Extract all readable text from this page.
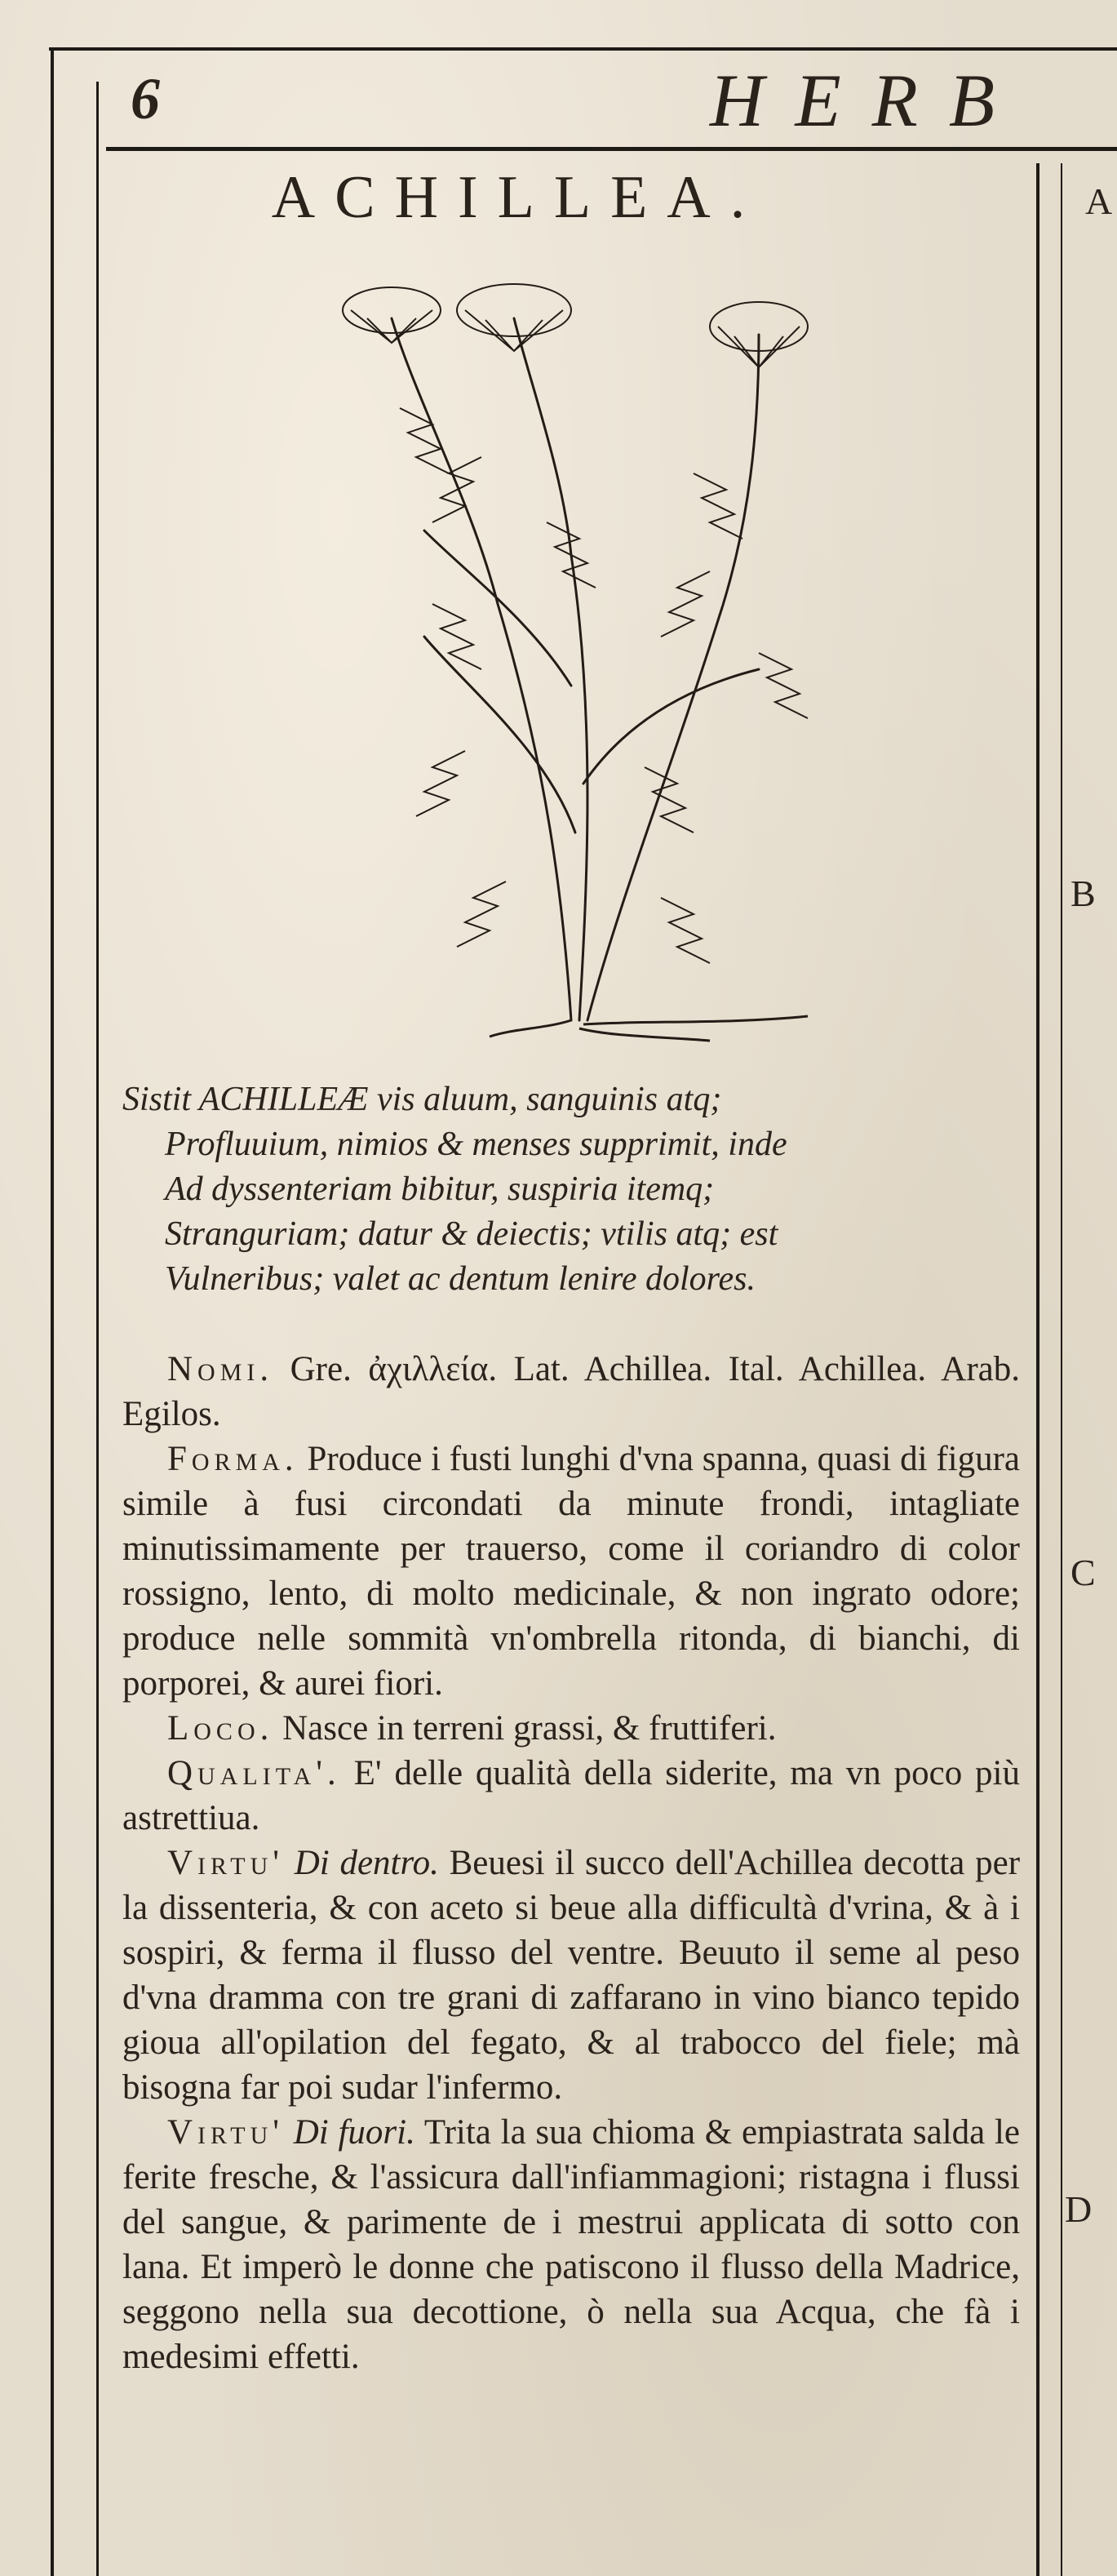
6	HERB
ACHILLEA.	A
B
C
D
Sistit ACHILLEÆ vis aluum, sanguinis atq;
Profluuium, nimios & menses supprimit, inde
Ad dyssenteriam bibitur, suspiria itemq;
Stranguriam; datur & deiectis; vtilis atq; est
Vulneribus; valet ac dentum lenire dolores.

Nomi. Gre. ἀχιλλεία. Lat. Achillea. Ital. Achillea. Arab. Egilos.

Forma. Produce i fusti lunghi d'vna spanna, quasi di figura simile à fusi circondati da minute frondi, intagliate minutissimamente per trauerso, come il coriandro di color rossigno, lento, di molto medicinale, & non ingrato odore; produce nelle sommità vn'ombrella ritonda, di bianchi, di porporei, & aurei fiori.

Loco. Nasce in terreni grassi, & fruttiferi.

Qualita'. E' delle qualità della siderite, ma vn poco più astrettiua.

Virtu' Di dentro. Beuesi il succo dell'Achillea decotta per la dissenteria, & con aceto si beue alla difficultà d'vrina, & à i sospiri, & ferma il flusso del ventre. Beuuto il seme al peso d'vna dramma con tre grani di zaffarano in vino bianco tepido gioua all'opilation del fegato, & al trabocco del fiele; mà bisogna far poi sudar l'infermo.

Virtu' Di fuori. Trita la sua chioma & empiastrata salda le ferite fresche, & l'assicura dall'infiammagioni; ristagna i flussi del sangue, & parimente de i mestrui applicata di sotto con lana. Et imperò le donne che patiscono il flusso della Madrice, seggono nella sua decottione, ò nella sua Acqua, che fà i medesimi effetti.
